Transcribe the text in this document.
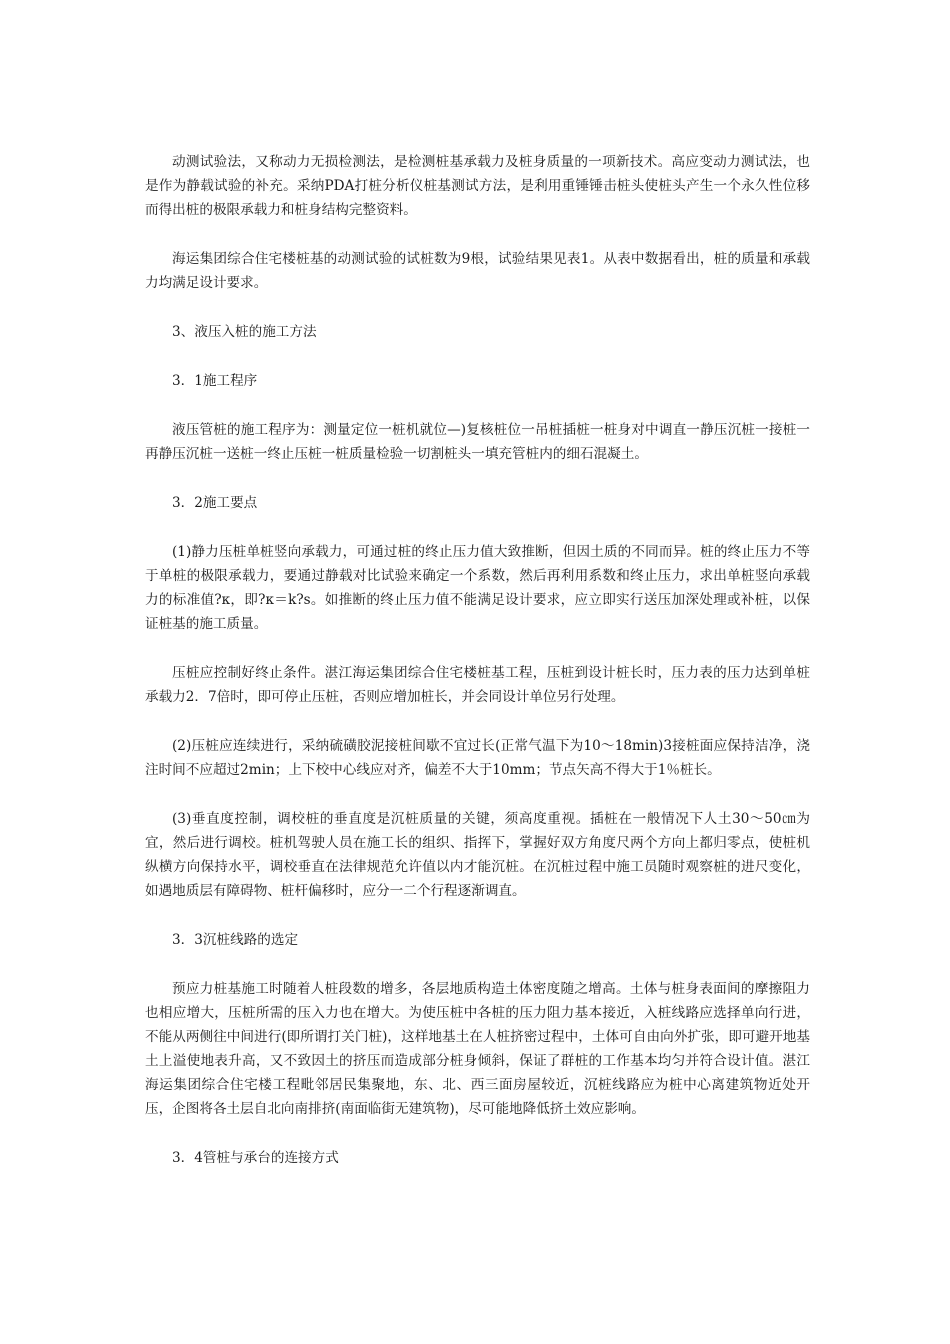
动测试验法，又称动力无损检测法，是检测桩基承载力及桩身质量的一项新技术。高应变动力测试法，也是作为静载试验的补充。采纳PDA打桩分析仪桩基测试方法，是利用重锤锤击桩头使桩头产生一个永久性位移而得出桩的极限承载力和桩身结构完整资料。

海运集团综合住宅楼桩基的动测试验的试桩数为9根，试验结果见表1。从表中数据看出，桩的质量和承载力均满足设计要求。

3、液压入桩的施工方法

3．1施工程序

液压管桩的施工程序为：测量定位一桩机就位—)复核桩位一吊桩插桩一桩身对中调直一静压沉桩一接桩一再静压沉桩一送桩一终止压桩一桩质量检验一切割桩头一填充管桩内的细石混凝土。

3．2施工要点

(1)静力压桩单桩竖向承载力，可通过桩的终止压力值大致推断，但因土质的不同而异。桩的终止压力不等于单桩的极限承载力，要通过静载对比试验来确定一个系数，然后再利用系数和终止压力，求出单桩竖向承载力的标准值?κ，即?κ＝k?s。如推断的终止压力值不能满足设计要求，应立即实行送压加深处理或补桩，以保证桩基的施工质量。

压桩应控制好终止条件。湛江海运集团综合住宅楼桩基工程，压桩到设计桩长时，压力表的压力达到单桩承载力2．7倍时，即可停止压桩，否则应增加桩长，并会同设计单位另行处理。

(2)压桩应连续进行，采纳硫磺胶泥接桩间歇不宜过长(正常气温下为10～18min)3接桩面应保持洁净，浇注时间不应超过2min；上下校中心线应对齐，偏差不大于10mm；节点矢高不得大于1％桩长。

(3)垂直度控制，调校桩的垂直度是沉桩质量的关键，须高度重视。插桩在一般情况下人土30～50㎝为宜，然后进行调校。桩机驾驶人员在施工长的组织、指挥下，掌握好双方角度尺两个方向上都归零点，使桩机纵横方向保持水平，调校垂直在法律规范允许值以内才能沉桩。在沉桩过程中施工员随时观察桩的进尺变化，如遇地质层有障碍物、桩杆偏移时，应分一二个行程逐渐调直。

3．3沉桩线路的选定

预应力桩基施工时随着人桩段数的增多，各层地质构造土体密度随之增高。土体与桩身表面间的摩擦阻力也相应增大，压桩所需的压入力也在增大。为使压桩中各桩的压力阻力基本接近，入桩线路应选择单向行进，不能从两侧往中间进行(即所谓打关门桩)，这样地基土在人桩挤密过程中，土体可自由向外扩张，即可避开地基土上溢使地表升高，又不致因土的挤压而造成部分桩身倾斜，保证了群桩的工作基本均匀并符合设计值。湛江海运集团综合住宅楼工程毗邻居民集聚地，东、北、西三面房屋较近，沉桩线路应为桩中心离建筑物近处开压，企图将各土层自北向南排挤(南面临街无建筑物)，尽可能地降低挤土效应影响。

3．4管桩与承台的连接方式
